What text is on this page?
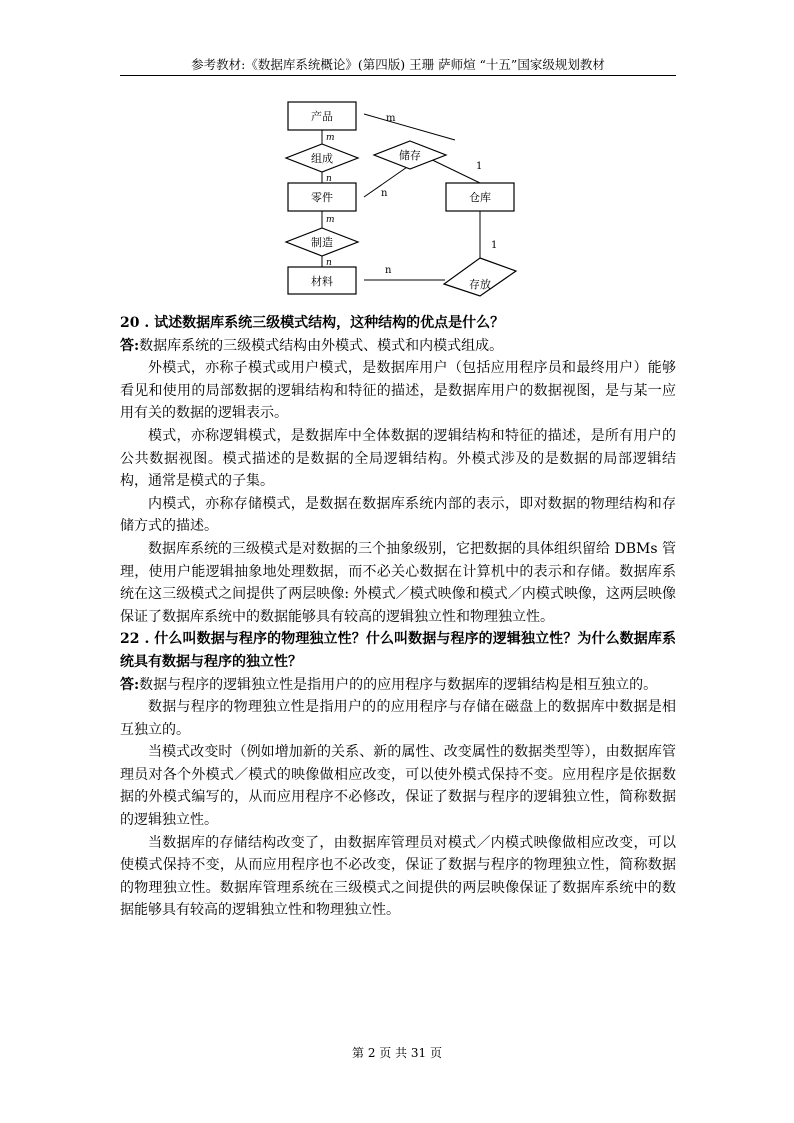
参考教材:《数据库系统概论》(第四版) 王珊 萨师煊 “十五”国家级规划教材
产品
零件
材料
仓库
组成	储存
制造
存放
m
n
m
n
m
n
1
1
n

20 . 试述数据库系统三级模式结构，这种结构的优点是什么？

答:数据库系统的三级模式结构由外模式、模式和内模式组成。

外模式，亦称子模式或用户模式，是数据库用户（包括应用程序员和最终用户）能够看见和使用的局部数据的逻辑结构和特征的描述，是数据库用户的数据视图，是与某一应用有关的数据的逻辑表示。

模式，亦称逻辑模式，是数据库中全体数据的逻辑结构和特征的描述，是所有用户的公共数据视图。模式描述的是数据的全局逻辑结构。外模式涉及的是数据的局部逻辑结构，通常是模式的子集。

内模式，亦称存储模式，是数据在数据库系统内部的表示，即对数据的物理结构和存储方式的描述。

数据库系统的三级模式是对数据的三个抽象级别，它把数据的具体组织留给 DBMs 管理，使用户能逻辑抽象地处理数据，而不必关心数据在计算机中的表示和存储。数据库系统在这三级模式之间提供了两层映像: 外模式／模式映像和模式／内模式映像，这两层映像保证了数据库系统中的数据能够具有较高的逻辑独立性和物理独立性。

22 . 什么叫数据与程序的物理独立性？什么叫数据与程序的逻辑独立性？为什么数据库系统具有数据与程序的独立性？

答:数据与程序的逻辑独立性是指用户的的应用程序与数据库的逻辑结构是相互独立的。

数据与程序的物理独立性是指用户的的应用程序与存储在磁盘上的数据库中数据是相互独立的。

当模式改变时（例如增加新的关系、新的属性、改变属性的数据类型等），由数据库管理员对各个外模式／模式的映像做相应改变，可以使外模式保持不变。应用程序是依据数据的外模式编写的，从而应用程序不必修改，保证了数据与程序的逻辑独立性，简称数据的逻辑独立性。

当数据库的存储结构改变了，由数据库管理员对模式／内模式映像做相应改变，可以使模式保持不变，从而应用程序也不必改变，保证了数据与程序的物理独立性，简称数据的物理独立性。数据库管理系统在三级模式之间提供的两层映像保证了数据库系统中的数据能够具有较高的逻辑独立性和物理独立性。

第 2 页 共 31 页
